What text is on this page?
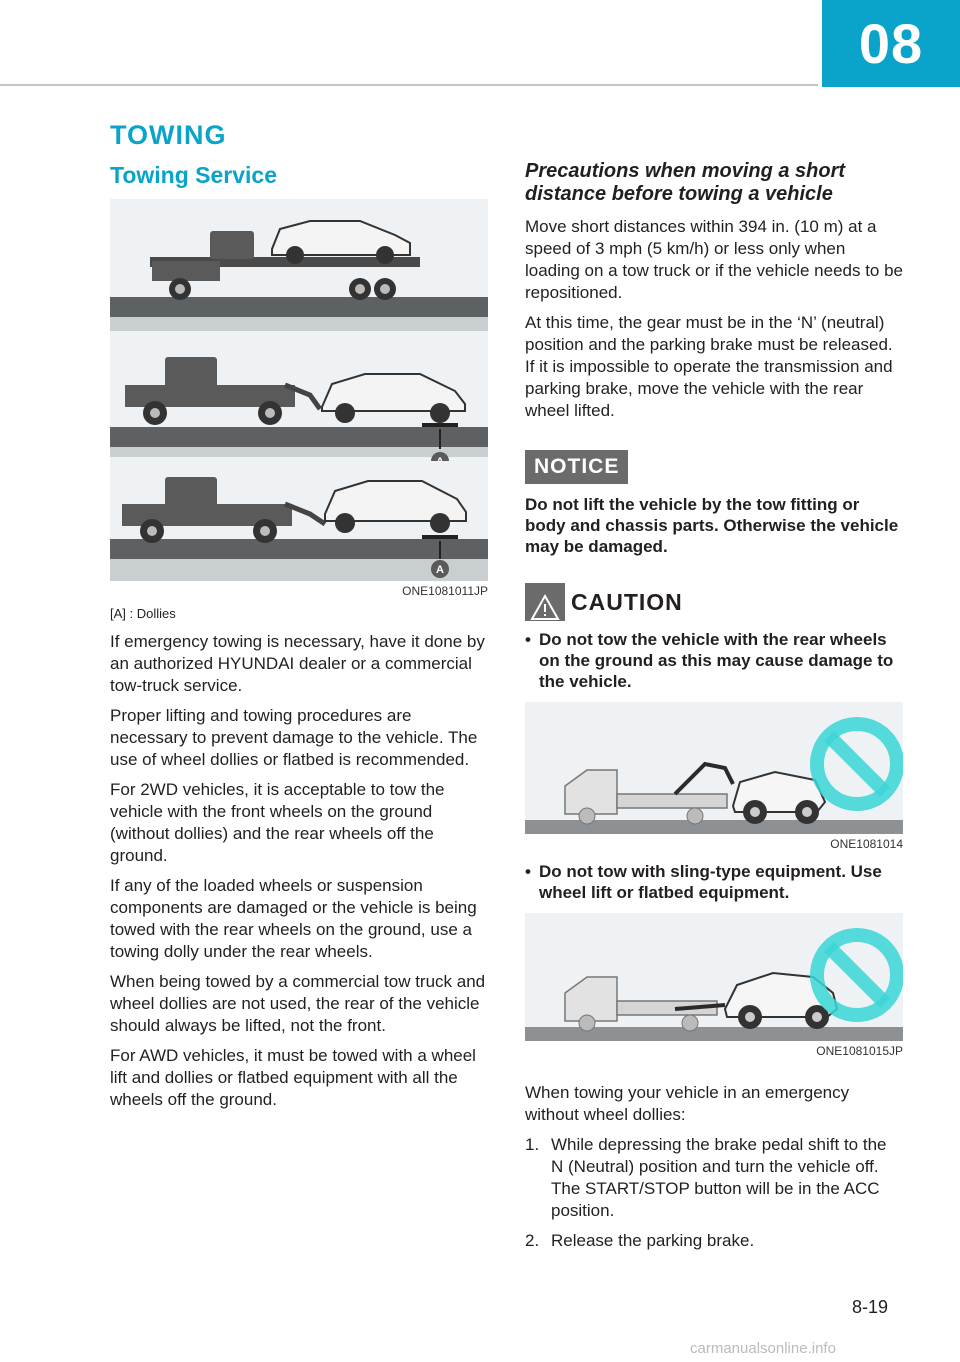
08
TOWING
Towing Service
A
ONE1081011JP
[A] : Dollies

If emergency towing is necessary, have it done by an authorized HYUNDAI dealer or a commercial tow-truck service.

Proper lifting and towing procedures are necessary to prevent damage to the vehicle. The use of wheel dollies or flatbed is recommended.

For 2WD vehicles, it is acceptable to tow the vehicle with the front wheels on the ground (without dollies) and the rear wheels off the ground.

If any of the loaded wheels or suspension components are damaged or the vehicle is being towed with the rear wheels on the ground, use a towing dolly under the rear wheels.

When being towed by a commercial tow truck and wheel dollies are not used, the rear of the vehicle should always be lifted, not the front.

For AWD vehicles, it must be towed with a wheel lift and dollies or flatbed equipment with all the wheels off the ground.

Precautions when moving a short distance before towing a vehicle

Move short distances within 394 in. (10 m) at a speed of 3 mph (5 km/h) or less only when loading on a tow truck or if the vehicle needs to be repositioned.

At this time, the gear must be in the ‘N’ (neutral) position and the parking brake must be released. If it is impossible to operate the transmission and parking brake, move the vehicle with the rear wheel lifted.

NOTICE
Do not lift the vehicle by the tow fitting or body and chassis parts. Otherwise the vehicle may be damaged.
CAUTION
• Do not tow the vehicle with the rear wheels on the ground as this may cause damage to the vehicle.
ONE1081014
• Do not tow with sling-type equipment. Use wheel lift or flatbed equipment.
ONE1081015JP

When towing your vehicle in an emergency without wheel dollies:

1. While depressing the brake pedal shift to the N (Neutral) position and turn the vehicle off. The START/STOP button will be in the ACC position.
2. Release the parking brake.
8-19
carmanualsonline.info
